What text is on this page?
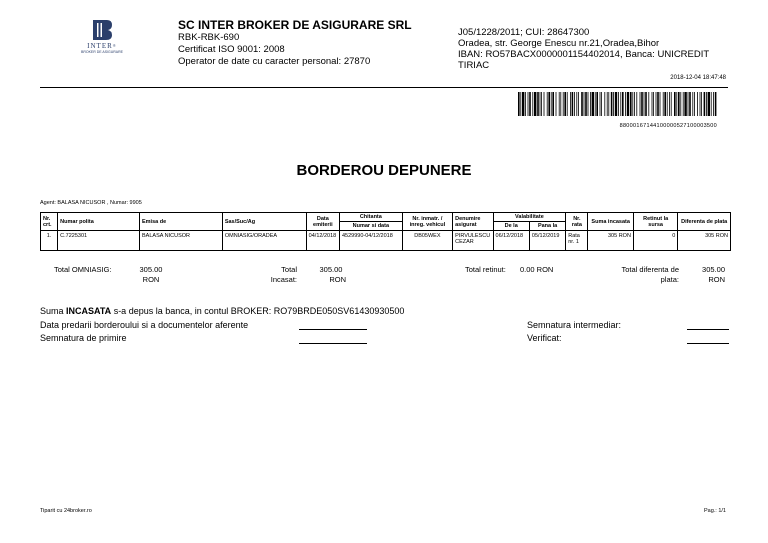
INTER®
BROKER DE ASIGURARE
SC INTER BROKER DE ASIGURARE SRL
RBK-RBK-690
Certificat ISO 9001: 2008
Operator de date cu caracter personal: 27870
J05/1228/2011; CUI: 28647300
Oradea, str. George Enescu nr.21,Oradea,Bihor
IBAN: RO57BACX0000001154402014, Banca: UNICREDIT
TIRIAC
2018-12-04 18:47:48
88000167144100000527100003500
BORDEROU DEPUNERE
Agent: BALASA NICUSOR , Numar: 9905
Nr. crt.	Numar polita	Emisa de	Sas/Suc/Ag	Data emiterii	Chitanta	Nr. inmatr. / inreg. vehicul	Denumire asigurat	Valabilitate		Nr. rata	Suma incasata	Retinut la sursa	Diferenta de plata
					Numar si data			De la	Pana la				
1.	C.7225301	BALASA NICUSOR	OMNIASIG/ORADEA	04/12/2018	4529990-04/12/2018	DB05WEX	PIRVULESCU CEZAR	06/12/2018	05/12/2019	Rata nr. 1	305 RON	0	305 RON
Total OMNIASIG:	305.00
RON
Total
Incasat:
305.00
RON
Total retinut: 0.00 RON	Total diferenta de
plata:
305.00
RON
Suma INCASATA s-a depus la banca, in contul BROKER: RO79BRDE050SV61430930500
Data predarii borderoului si a documentelor aferente
Semnatura de primire
Semnatura intermediar:
Verificat:
Tiparit cu 24broker.ro	Pag.: 1/1
